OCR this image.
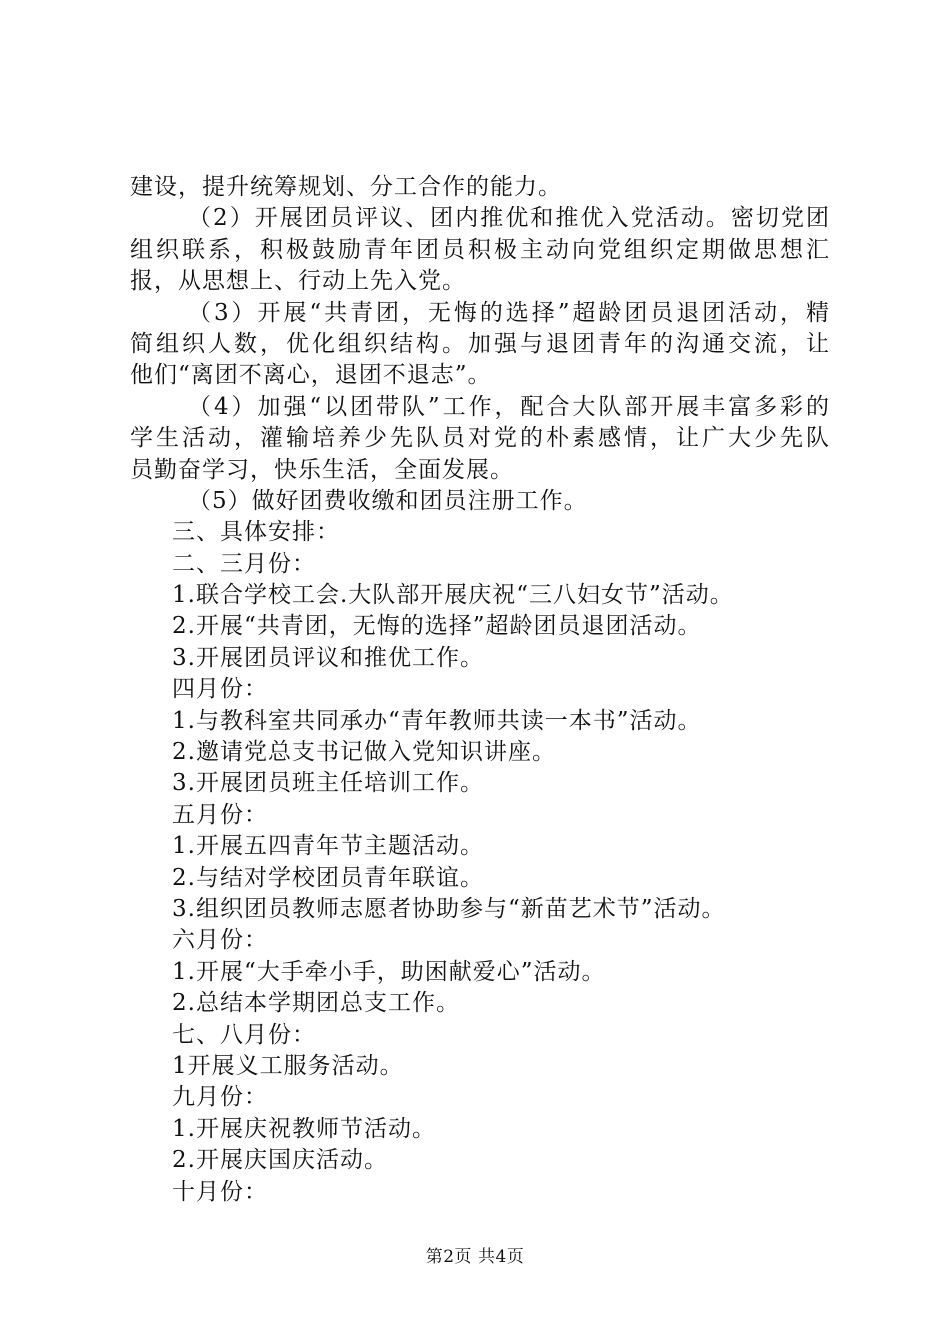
建设，提升统筹规划、分工合作的能力。
（2）开展团员评议、团内推优和推优入党活动。密切党团
组织联系，积极鼓励青年团员积极主动向党组织定期做思想汇
报，从思想上、行动上先入党。
（3）开展“共青团，无悔的选择”超龄团员退团活动，精
简组织人数，优化组织结构。加强与退团青年的沟通交流，让
他们“离团不离心，退团不退志”。
（4）加强“以团带队”工作，配合大队部开展丰富多彩的
学生活动，灌输培养少先队员对党的朴素感情，让广大少先队
员勤奋学习，快乐生活，全面发展。
（5）做好团费收缴和团员注册工作。
三、具体安排：
二、三月份：
1.联合学校工会.大队部开展庆祝“三八妇女节”活动。
2.开展“共青团，无悔的选择”超龄团员退团活动。
3.开展团员评议和推优工作。
四月份：
1.与教科室共同承办“青年教师共读一本书”活动。
2.邀请党总支书记做入党知识讲座。
3.开展团员班主任培训工作。
五月份：
1.开展五四青年节主题活动。
2.与结对学校团员青年联谊。
3.组织团员教师志愿者协助参与“新苗艺术节”活动。
六月份：
1.开展“大手牵小手，助困献爱心”活动。
2.总结本学期团总支工作。
七、八月份：
1开展义工服务活动。
九月份：
1.开展庆祝教师节活动。
2.开展庆国庆活动。
十月份：
第2页 共4页
